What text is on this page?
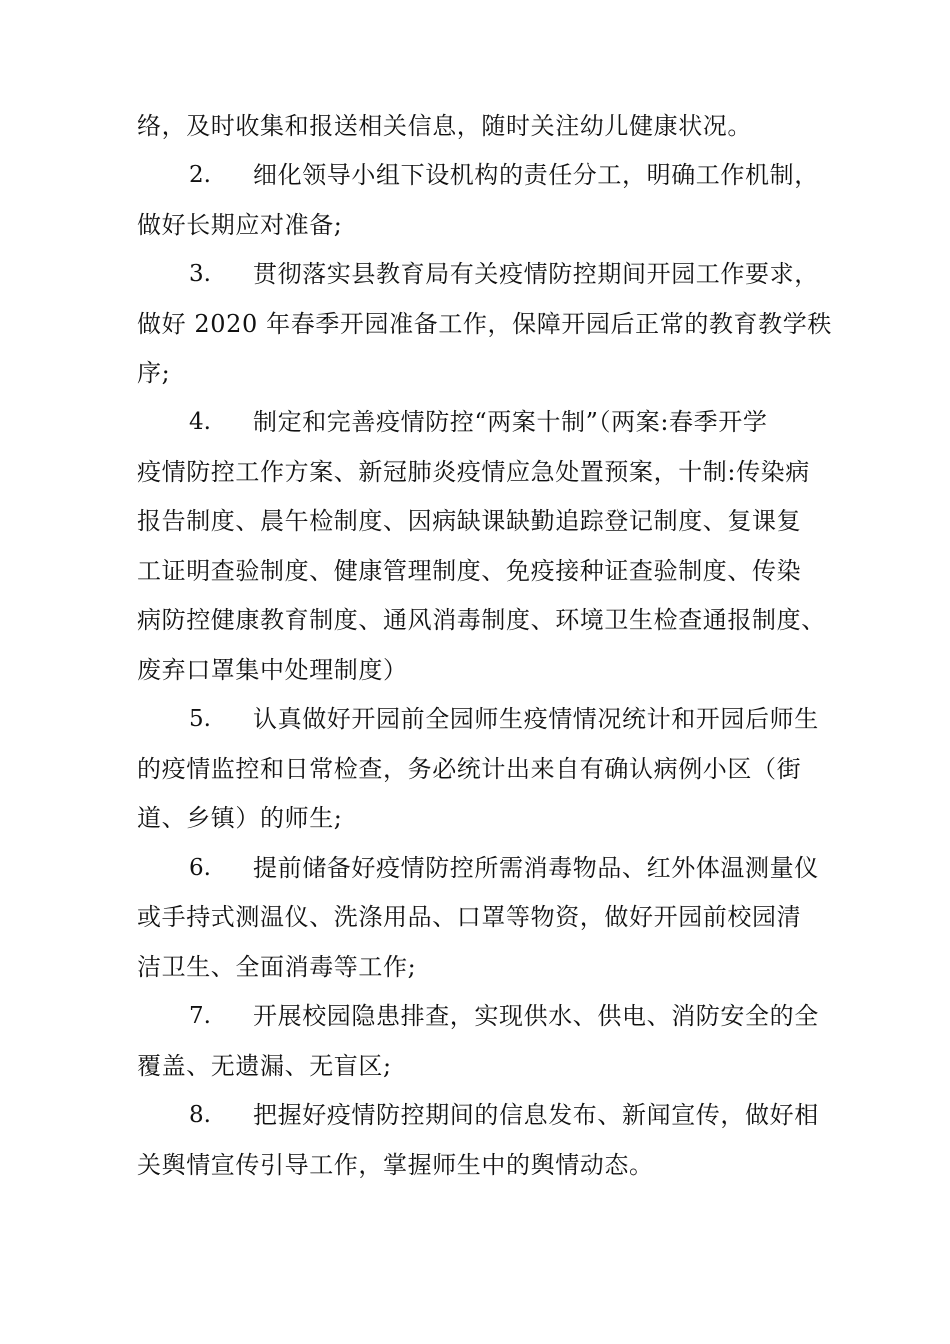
络，及时收集和报送相关信息，随时关注幼儿健康状况。
2. 细化领导小组下设机构的责任分工，明确工作机制，
做好长期应对准备;
3. 贯彻落实县教育局有关疫情防控期间开园工作要求，
做好 2020 年春季开园准备工作，保障开园后正常的教育教学秩
序;
4. 制定和完善疫情防控“两案十制”（两案:春季开学
疫情防控工作方案、新冠肺炎疫情应急处置预案，十制:传染病
报告制度、晨午检制度、因病缺课缺勤追踪登记制度、复课复
工证明查验制度、健康管理制度、免疫接种证查验制度、传染
病防控健康教育制度、通风消毒制度、环境卫生检查通报制度、
废弃口罩集中处理制度）
5. 认真做好开园前全园师生疫情情况统计和开园后师生
的疫情监控和日常检查，务必统计出来自有确认病例小区（街
道、乡镇）的师生;
6. 提前储备好疫情防控所需消毒物品、红外体温测量仪
或手持式测温仪、洗涤用品、口罩等物资，做好开园前校园清
洁卫生、全面消毒等工作;
7. 开展校园隐患排查，实现供水、供电、消防安全的全
覆盖、无遗漏、无盲区;
8. 把握好疫情防控期间的信息发布、新闻宣传，做好相
关舆情宣传引导工作，掌握师生中的舆情动态。
